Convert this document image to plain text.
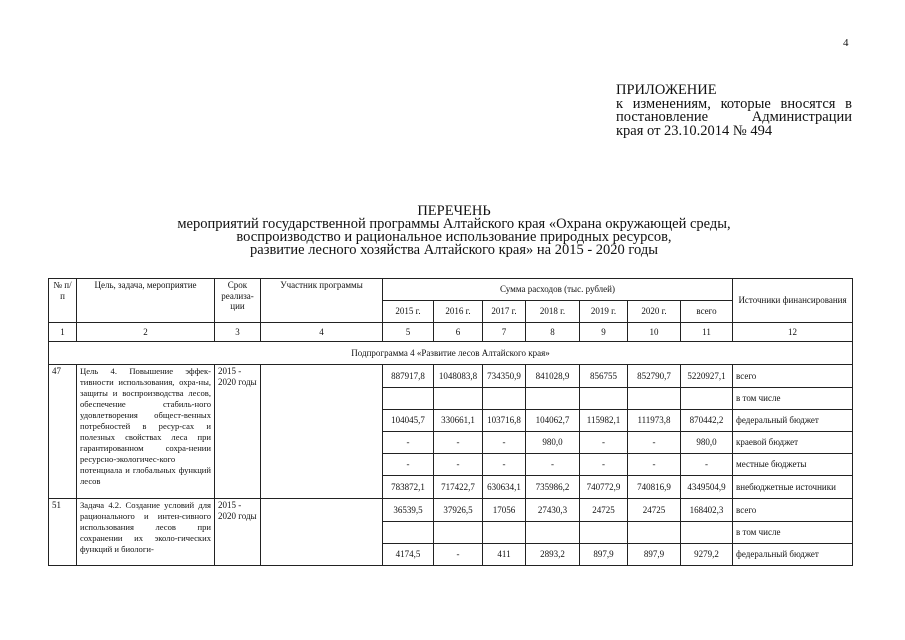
4
ПРИЛОЖЕНИЕ
к изменениям, которые вносятся в
постановление Администрации
края от 23.10.2014 № 494
ПЕРЕЧЕНЬ
мероприятий государственной программы Алтайского края «Охрана окружающей среды,
воспроизводство и рациональное использование природных ресурсов,
развитие лесного хозяйства Алтайского края» на 2015 - 2020 годы
№ п/п	Цель, задача, мероприятие	Срок реализа-ции	Участник программы	Сумма расходов (тыс. рублей)							Источники финансирования
				2015 г.	2016 г.	2017 г.	2018 г.	2019 г.	2020 г.	всего	
1	2	3	4	5	6	7	8	9	10	11	12
Подпрограмма 4 «Развитие лесов Алтайского края»											
47	Цель 4. Повышение эффек-тивности использования, охра-ны, защиты и воспроизводства лесов, обеспечение стабиль-ного удовлетворения общест-венных потребностей в ресур-сах и полезных свойствах леса при гарантированном сохра-нении ресурсно-экологичес-кого потенциала и глобальных функций лесов	2015 - 2020 годы		887917,8	1048083,8	734350,9	841028,9	856755	852790,7	5220927,1	всего
											в том числе
				104045,7	330661,1	103716,8	104062,7	115982,1	111973,8	870442,2	федеральный бюджет
				-	-	-	980,0	-	-	980,0	краевой бюджет
				-	-	-	-	-	-	-	местные бюджеты
				783872,1	717422,7	630634,1	735986,2	740772,9	740816,9	4349504,9	внебюджетные источники
51	Задача 4.2. Создание условий для рационального и интен-сивного использования лесов при сохранении их эколо-гических функций и биологи-	2015 - 2020 годы		36539,5	37926,5	17056	27430,3	24725	24725	168402,3	всего
											в том числе
				4174,5	-	411	2893,2	897,9	897,9	9279,2	федеральный бюджет
